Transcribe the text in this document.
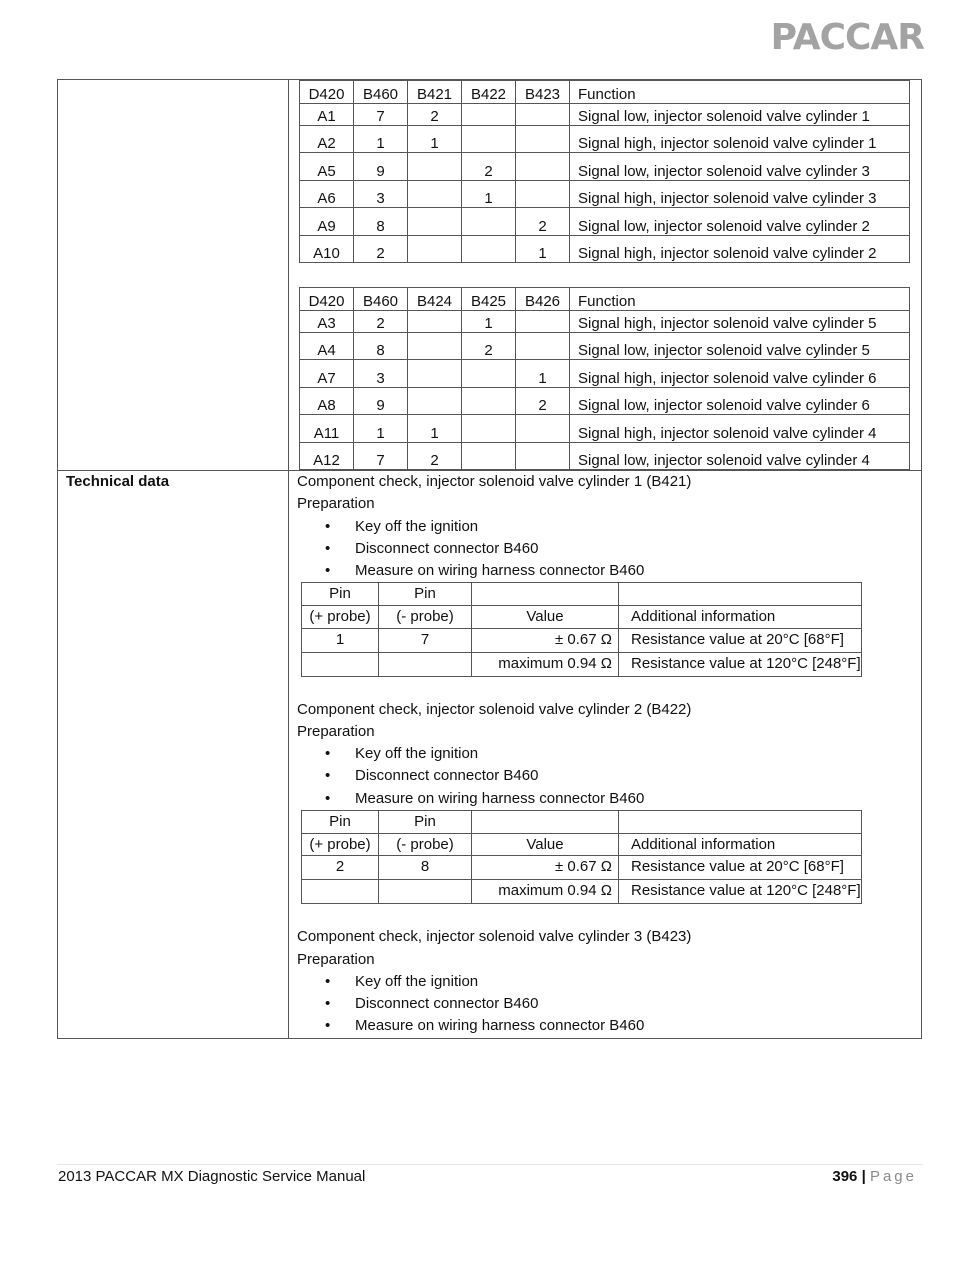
PACCAR

D420	B460	B421	B422	B423	Function
A1	7	2			Signal low, injector solenoid valve cylinder 1
A2	1	1			Signal high, injector solenoid valve cylinder 1
A5	9		2		Signal low, injector solenoid valve cylinder 3
A6	3		1		Signal high, injector solenoid valve cylinder 3
A9	8			2	Signal low, injector solenoid valve cylinder 2
A10	2			1	Signal high, injector solenoid valve cylinder 2
D420	B460	B424	B425	B426	Function
A3	2		1		Signal high, injector solenoid valve cylinder 5
A4	8		2		Signal low, injector solenoid valve cylinder 5
A7	3			1	Signal high, injector solenoid valve cylinder 6
A8	9			2	Signal low, injector solenoid valve cylinder 6
A11	1	1			Signal high, injector solenoid valve cylinder 4
A12	7	2			Signal low, injector solenoid valve cylinder 4

Technical data	Component check, injector solenoid valve cylinder 1 (B421)
Preparation
• Key off the ignition
• Disconnect connector B460
• Measure on wiring harness connector B460
Pin	Pin		
(+ probe)	(- probe)	Value	Additional information
1	7	± 0.67 Ω	Resistance value at 20°C [68°F]
		maximum 0.94 Ω	Resistance value at 120°C [248°F]
Component check, injector solenoid valve cylinder 2 (B422)
Preparation
• Key off the ignition
• Disconnect connector B460
• Measure on wiring harness connector B460
Pin	Pin		
(+ probe)	(- probe)	Value	Additional information
2	8	± 0.67 Ω	Resistance value at 20°C [68°F]
		maximum 0.94 Ω	Resistance value at 120°C [248°F]
Component check, injector solenoid valve cylinder 3 (B423)
Preparation
• Key off the ignition
• Disconnect connector B460
• Measure on wiring harness connector B460
2013 PACCAR MX Diagnostic Service Manual	396 | Page
